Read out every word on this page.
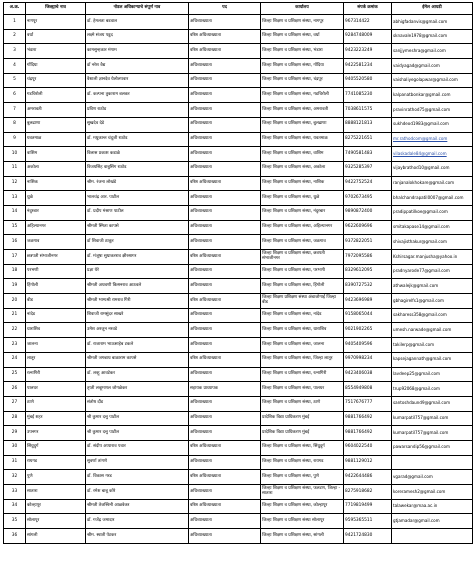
अ.क्र.	जिल्ह्याचे नाव	नोडल अधिकाऱ्याचे संपूर्ण नाव	पद	कार्यालय	संपर्क क्रमांक	ईमेल आयडी
1	नागपूर	डॉ. हेमलता बडवाल	अधिव्याख्याता	जिल्हा शिक्षण व प्रशिक्षण संस्था, नागपूर	967314422	abhigfadanvis@gmail.com
2	वर्धा	लक्ष्मे संजय पडूद	वरिष्ठ अधिव्याख्याता	जिल्हा शिक्षण व प्रशिक्षण संस्था, वर्धा	9284748009	sknavale1978@gmail.com
3	भंडारा	कामसुन्हकार मंगाम	वरिष्ठ अधिव्याख्याता	जिल्हा शिक्षण व प्रशिक्षण संस्था, भंडारा	9423223249	sanjjymeshra@gmail.com
4	गोंदिया	डॉ नरेश वैद्य	अधिव्याख्याता	जिल्हा शिक्षण व प्रशिक्षण संस्था, गोंदिया	9422581234	vaidyagad@gmail.com
5	चंद्रपूर	वैशाली ज्ञानदेव येलोलपवार	अधिव्याख्याता	जिल्हा शिक्षण व प्रशिक्षण संस्था, चंद्रपूर	9405520580	vaishaliyegolapwar@gmail.com
6	गडचिरोली	डॉ. कल्पना तुकाराम बलकर	अधिव्याख्याता	जिल्हा शिक्षण व प्रशिक्षण संस्था, गडचिरोली	7741085230	kalpanatbonkar@gmail.com
7	अमरावती	प्रविण राठोड	अधिव्याख्याता	जिल्हा शिक्षण व प्रशिक्षण संस्था, अमरावती	7038611575	pravinrathod75@gmail.com
8	बुलढाणा	सुखदेव देडे	अधिव्याख्याता	जिल्हा शिक्षण व प्रशिक्षण संस्था, बुलढाणा	8888121813	sukhdeod1983@gmail.com
9	यवतमाळ	डॉ. मधुकान्त चंदूजी राठोड	अधिव्याख्याता	जिल्हा शिक्षण व प्रशिक्षण संस्था, यवतमाळ	8275221651	mr.rathodcom@gmail.com
10	वाशिम	विलास प्रकाश कडाळे	अधिव्याख्याता	जिल्हा शिक्षण व प्रशिक्षण संस्था, वाशिम	7490581483	vilaskadale84@gmail.com
11	अकोला	विजयसिंह वाबुसिंग राठोड	अधिव्याख्याता	जिल्हा शिक्षण व प्रशिक्षण संस्था, अकोला	9325285397	vijaybrathod10@gmail.com
12	नाशिक	श्रीम. रंजना लोखंडे	वरिष्ठ अधिव्याख्याता	जिल्हा शिक्षण व प्रशिक्षण संस्था, नाशिक	9422752524	ranjanalokhokare@gmail.com
13	धुळे	भालचंद्र आर. पाटील	अधिव्याख्याता	जिल्हा शिक्षण व प्रशिक्षण संस्था, धुळे	9702673495	bhalchandrapatil0007@gmail.com
14	नंदुरबार	डॉ. प्रदीप मंसाण पाटील	अधिव्याख्याता	जिल्हा शिक्षण व प्रशिक्षण संस्था, नंदुरबार	9890872400	pradippatilkoe@gmail.com
15	अहिल्यानगर	श्रीमती स्मिता कापसे	अधिव्याख्याता	जिल्हा शिक्षण व प्रशिक्षण संस्था, अहिल्यानगर	9622609696	smitakapase14@gmail.com
16	जळगाव	डॉ शिवाजी ठाकूर	अधिव्याख्याता	जिल्हा शिक्षण व प्रशिक्षण संस्था, जळगाव	9372822051	shivajisthakur@gmail.com
17	छत्रपती संभाजीनगर	डॉ. मंजूषा सुधाकरराव क्षीरसागर	वरिष्ठ अधिव्याख्याता	जिल्हा शिक्षण व प्रशिक्षण संस्था, छत्रपती संभाजीनगर	7972095586	Kshirsagar.manjusha@yahoo.in
18	परभणी	प्रज्ञा येरे	अधिव्याख्याता	जिल्हा शिक्षण व प्रशिक्षण संस्था, परभणी	8329612095	pradnyarode77@gmail.com
19	हिंगोली	श्रीमती अथवणी किसनराव आठवले	अधिव्याख्याता	जिल्हा शिक्षण व प्रशिक्षण संस्था, हिंगोली	8390727532	athwalejk@gmail.com
20	बीड	श्रीमती भाग्यश्री रामराव गिरी	वरिष्ठ अधिव्याख्याता	जिल्हा शिक्षण प्रशिक्षण संस्था अंबाजोगाई जिल्हा बीड	9423696989	gbhagirelfs1@gmail.com
21	नांदेड	शिवाजी रामसुंदर साखरे	अधिव्याख्याता	जिल्हा शिक्षण व प्रशिक्षण संस्था, नांदेड	9158065044	sakharess358@gmail.com
22	धाराशिव	उमेश अरजुन नरवडे	अधिव्याख्याता	जिल्हा शिक्षण व प्रशिक्षण संस्था, धाराशिव	9021902265	umesh.narwade@gmail.com
23	जालना	डॉ. राजाराम भाऊसाहेब टकले	अधिव्याख्याता	जिल्हा शिक्षण व प्रशिक्षण संस्था, जालना	9405409596	takilerp@gmail.com
24	लातूर	श्रीमती जगन्नाथ बाळाराम कापसे	वरिष्ठ अधिव्याख्याता	जिल्हा शिक्षण व प्रशिक्षण संस्था, जिल्हा लातूर	9970998234	kapsejagannath@gmail.com
25	रत्नागिरी	डॉ. लव्हू आवटेकर	अधिव्याख्याता	जिल्हा शिक्षण व प्रशिक्षण संस्था, रत्नागिरी	9423406038	lavdeep25@gmail.com
26	पालघर	तृप्ती लव्हूमणल जोगळेकर	सहायक प्राध्यापक	जिल्हा शिक्षण व प्रशिक्षण संस्था, पालघर	8554949808	trup92068@gmail.com
27	ठाणे	संतोष दौंड	अधिव्याख्याता	जिल्हा शिक्षण व प्रशिक्षण संस्था, ठाणे	7517676777	santoshdaund9@gmail.com
28	मुंबई शहर	श्री कुमार दत्तु पाटील	अधिव्याख्याता	प्रादेशिक विद्या प्राधिकरण मुंबई	9881766492	kumarpatil757@gmail.com
29	उपनगर	श्री कुमार दत्तु पाटील	अधिव्याख्याता	प्रादेशिक विद्या प्राधिकरण मुंबई	9881766492	kumarpatil757@gmail.com
30	सिंधुदुर्ग	डॉ. संदीप अप्पाराव पवार	वरिष्ठ अधिव्याख्याता	जिल्हा शिक्षण व प्रशिक्षण संस्था, सिंधुदुर्ग	9604022540	pawarsandip56@gmail.com
31	रायगड	सुवर्णा तांगणे	अधिव्याख्याता	जिल्हा शिक्षण व प्रशिक्षण संस्था, रायगड	9881129012	
32	पुणे	डॉ. विकास गरड	वरिष्ठ अधिव्याख्याता	जिल्हा शिक्षण व प्रशिक्षण संस्था, पुणे	9422644486	vgarad@gmail.com
33	सातारा	डॉ. रमेश बाबू कोरे	अधिव्याख्याता	जिल्हा शिक्षण व प्रशिक्षण संस्था, फलटण, जिल्हा - सातारा	8275918682	koreramesh2@gmail.com
34	कोल्हापूर	श्रीमती तेजस्विनी आळवेकर	वरिष्ठ अधिव्याख्याता	जिल्हा शिक्षण व प्रशिक्षण संस्था, कोल्हापूर	7719819499	talawekar@maa.ac.in
35	सोलापूर	डॉ. गजेंद्र जमादार	अधिव्याख्याता	जिल्हा शिक्षण व प्रशिक्षण संस्था सोलापूर	9595365511	gtjamadar@gmail.com
36	सांगली	श्रीम. स्वाती पेटकर	अधिव्याख्याता	जिल्हा शिक्षण व प्रशिक्षण संस्था, सांगली	9421724830	
